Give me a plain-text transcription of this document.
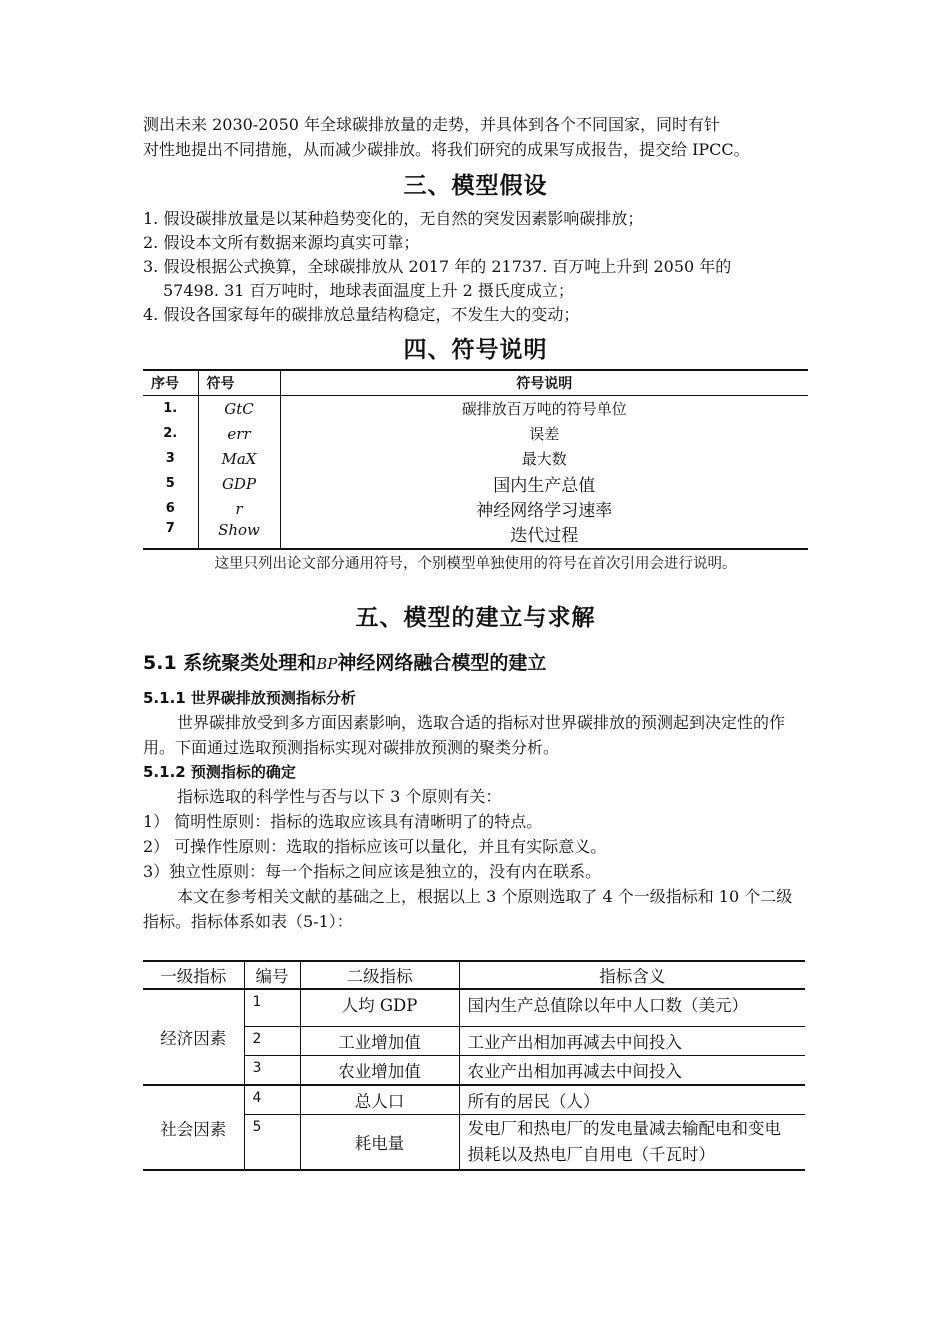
测出未来 2030-2050 年全球碳排放量的走势，并具体到各个不同国家，同时有针
对性地提出不同措施，从而减少碳排放。将我们研究的成果写成报告，提交给 IPCC。

三、模型假设
1. 假设碳排放量是以某种趋势变化的，无自然的突发因素影响碳排放；
2. 假设本文所有数据来源均真实可靠；
3. 假设根据公式换算，全球碳排放从 2017 年的 21737. 百万吨上升到 2050 年的
57498. 31 百万吨时，地球表面温度上升 2 摄氏度成立；
4. 假设各国家每年的碳排放总量结构稳定，不发生大的变动；
四、符号说明
序号	符号	符号说明
1.	GtC	碳排放百万吨的符号单位
2.	err	误差
3	MaX	最大数
5	GDP	国内生产总值
6	r	神经网络学习速率
7	Show	迭代过程

这里只列出论文部分通用符号，个别模型单独使用的符号在首次引用会进行说明。

五、模型的建立与求解
5.1 系统聚类处理和BP神经网络融合模型的建立
5.1.1 世界碳排放预测指标分析

世界碳排放受到多方面因素影响，选取合适的指标对世界碳排放的预测起到决定性的作用。下面通过选取预测指标实现对碳排放预测的聚类分析。

5.1.2 预测指标的确定

指标选取的科学性与否与以下 3 个原则有关：

1） 简明性原则：指标的选取应该具有清晰明了的特点。

2） 可操作性原则：选取的指标应该可以量化，并且有实际意义。

3）独立性原则：每一个指标之间应该是独立的，没有内在联系。

本文在参考相关文献的基础之上，根据以上 3 个原则选取了 4 个一级指标和 10 个二级指标。指标体系如表（5-1）：

一级指标	编号	二级指标	指标含义
经济因素	1	人均 GDP	国内生产总值除以年中人口数（美元）
	2	工业增加值	工业产出相加再减去中间投入
	3	农业增加值	农业产出相加再减去中间投入
社会因素	4	总人口	所有的居民（人）
	5	耗电量	发电厂和热电厂的发电量减去输配电和变电损耗以及热电厂自用电（千瓦时）
